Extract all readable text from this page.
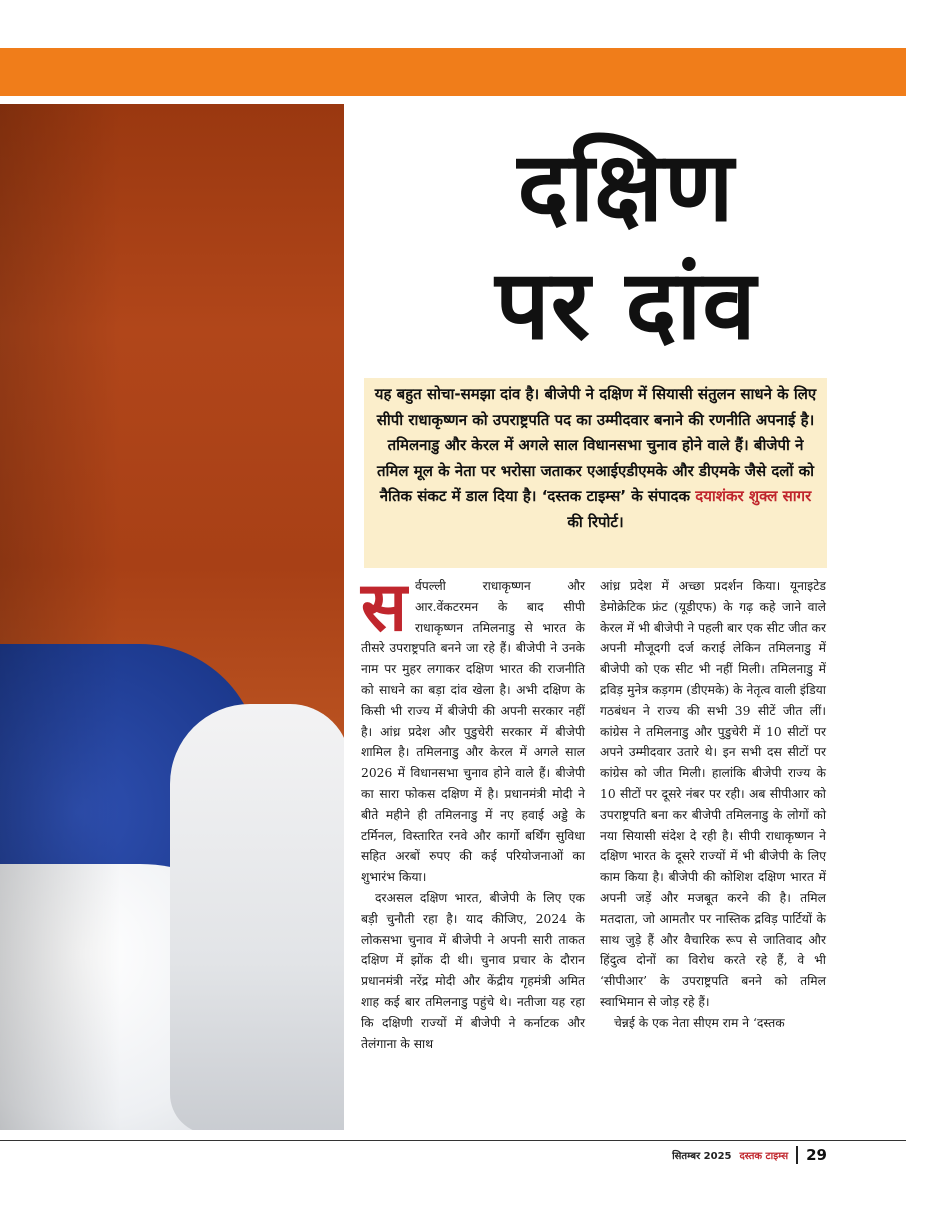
दक्षिण
पर दांव

यह बहुत सोचा-समझा दांव है। बीजेपी ने दक्षिण में सियासी संतुलन साधने के लिए सीपी राधाकृष्णन को उपराष्ट्रपति पद का उम्मीदवार बनाने की रणनीति अपनाई है। तमिलनाडु और केरल में अगले साल विधानसभा चुनाव होने वाले हैं। बीजेपी ने तमिल मूल के नेता पर भरोसा जताकर एआईएडीएमके और डीएमके जैसे दलों को नैतिक संकट में डाल दिया है। ‘दस्तक टाइम्स’ के संपादक दयाशंकर शुक्ल सागर की रिपोर्ट।

सर्वपल्ली राधाकृष्णन और आर.वेंकटरमन के बाद सीपी राधाकृष्णन तमिलनाडु से भारत के तीसरे उपराष्ट्रपति बनने जा रहे हैं। बीजेपी ने उनके नाम पर मुहर लगाकर दक्षिण भारत की राजनीति को साधने का बड़ा दांव खेला है। अभी दक्षिण के किसी भी राज्य में बीजेपी की अपनी सरकार नहीं है। आंध्र प्रदेश और पुडुचेरी सरकार में बीजेपी शामिल है। तमिलनाडु और केरल में अगले साल 2026 में विधानसभा चुनाव होने वाले हैं। बीजेपी का सारा फोकस दक्षिण में है। प्रधानमंत्री मोदी ने बीते महीने ही तमिलनाडु में नए हवाई अड्डे के टर्मिनल, विस्तारित रनवे और कार्गो बर्थिंग सुविधा सहित अरबों रुपए की कई परियोजनाओं का शुभारंभ किया।

दरअसल दक्षिण भारत, बीजेपी के लिए एक बड़ी चुनौती रहा है। याद कीजिए, 2024 के लोकसभा चुनाव में बीजेपी ने अपनी सारी ताकत दक्षिण में झोंक दी थी। चुनाव प्रचार के दौरान प्रधानमंत्री नरेंद्र मोदी और केंद्रीय गृहमंत्री अमित शाह कई बार तमिलनाडु पहुंचे थे। नतीजा यह रहा कि दक्षिणी राज्यों में बीजेपी ने कर्नाटक और तेलंगाना के साथ

आंध्र प्रदेश में अच्छा प्रदर्शन किया। यूनाइटेड डेमोक्रेटिक फ्रंट (यूडीएफ) के गढ़ कहे जाने वाले केरल में भी बीजेपी ने पहली बार एक सीट जीत कर अपनी मौजूदगी दर्ज कराई लेकिन तमिलनाडु में बीजेपी को एक सीट भी नहीं मिली। तमिलनाडु में द्रविड़ मुनेत्र कड़गम (डीएमके) के नेतृत्व वाली इंडिया गठबंधन ने राज्य की सभी 39 सीटें जीत लीं। कांग्रेस ने तमिलनाडु और पुडुचेरी में 10 सीटों पर अपने उम्मीदवार उतारे थे। इन सभी दस सीटों पर कांग्रेस को जीत मिली। हालांकि बीजेपी राज्य के 10 सीटों पर दूसरे नंबर पर रही। अब सीपीआर को उपराष्ट्रपति बना कर बीजेपी तमिलनाडु के लोगों को नया सियासी संदेश दे रही है। सीपी राधाकृष्णन ने दक्षिण भारत के दूसरे राज्यों में भी बीजेपी के लिए काम किया है। बीजेपी की कोशिश दक्षिण भारत में अपनी जड़ें और मजबूत करने की है। तमिल मतदाता, जो आमतौर पर नास्तिक द्रविड़ पार्टियों के साथ जुड़े हैं और वैचारिक रूप से जातिवाद और हिंदुत्व दोनों का विरोध करते रहे हैं, वे भी ‘सीपीआर’ के उपराष्ट्रपति बनने को तमिल स्वाभिमान से जोड़ रहे हैं।

चेन्नई के एक नेता सीएम राम ने ‘दस्तक

सितम्बर 2025 दस्तक टाइम्स 29
